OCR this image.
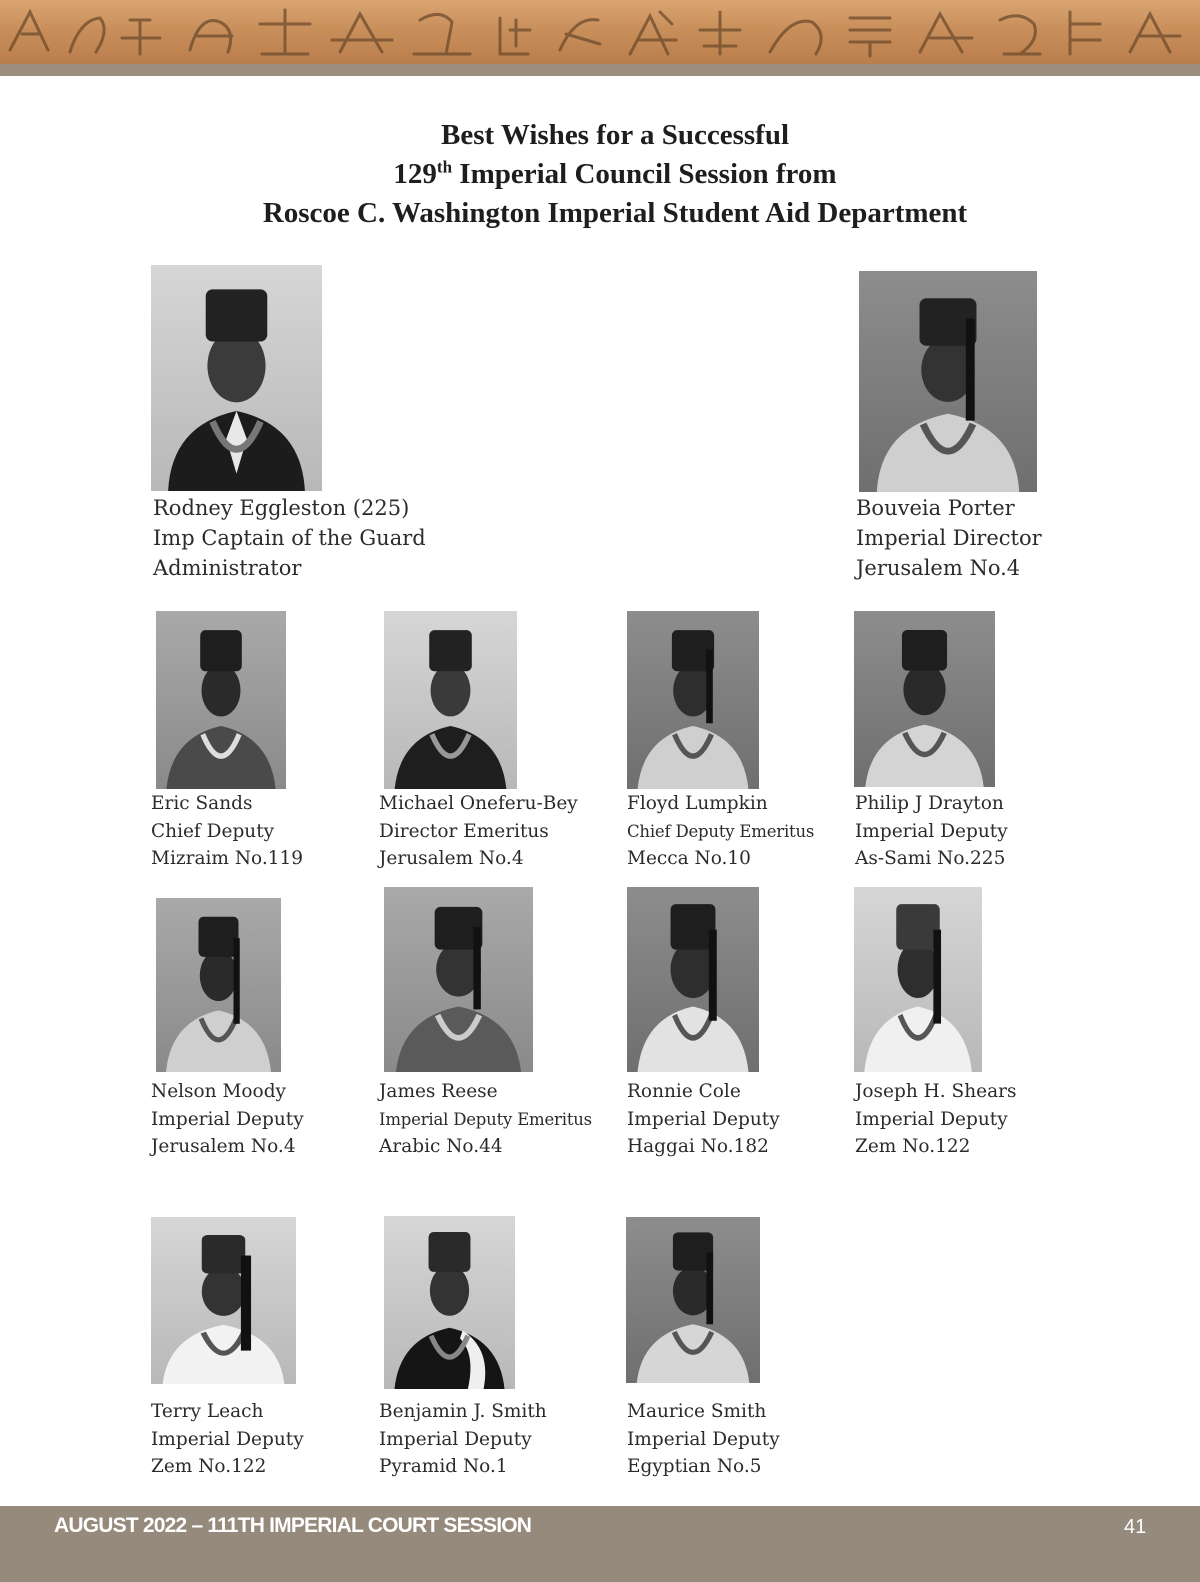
Best Wishes for a Successful
129th Imperial Council Session from
Roscoe C. Washington Imperial Student Aid Department
Rodney Eggleston (225)
Imp Captain of the Guard
Administrator
Bouveia Porter
Imperial Director
Jerusalem No.4
Eric Sands
Chief Deputy
Mizraim No.119
Michael Oneferu-Bey
Director Emeritus
Jerusalem No.4
Floyd Lumpkin
Chief Deputy Emeritus
Mecca No.10
Philip J Drayton
Imperial Deputy
As-Sami No.225
Nelson Moody
Imperial Deputy
Jerusalem No.4
James Reese
Imperial Deputy Emeritus
Arabic No.44
Ronnie Cole
Imperial Deputy
Haggai No.182
Joseph H. Shears
Imperial Deputy
Zem No.122
Terry Leach
Imperial Deputy
Zem No.122
Benjamin J. Smith
Imperial Deputy
Pyramid No.1
Maurice Smith
Imperial Deputy
Egyptian No.5
AUGUST 2022 – 111TH IMPERIAL COURT SESSION	41
